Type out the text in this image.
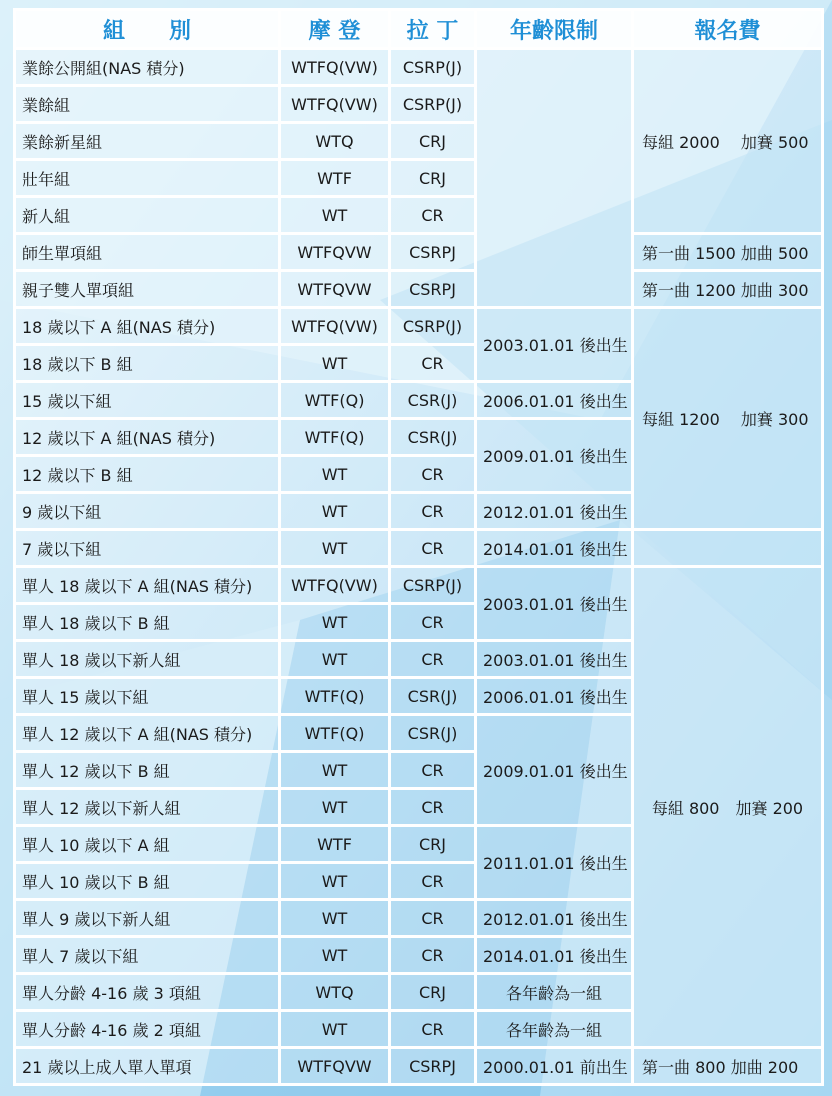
組　　別	摩 登	拉 丁	年齡限制	報名費
業餘公開組(NAS 積分)	WTFQ(VW)	CSRP(J)		每組 2000　 加賽 500
業餘組	WTFQ(VW)	CSRP(J)		
業餘新星組	WTQ	CRJ		
壯年組	WTF	CRJ		
新人組	WT	CR		
師生單項組	WTFQVW	CSRPJ		第一曲 1500 加曲 500
親子雙人單項組	WTFQVW	CSRPJ		第一曲 1200 加曲 300
18 歲以下 A 組(NAS 積分)	WTFQ(VW)	CSRP(J)	2003.01.01 後出生	每組 1200　 加賽 300
18 歲以下 B 組	WT	CR		
15 歲以下組	WTF(Q)	CSR(J)	2006.01.01 後出生	
12 歲以下 A 組(NAS 積分)	WTF(Q)	CSR(J)	2009.01.01 後出生	
12 歲以下 B 組	WT	CR		
9 歲以下組	WT	CR	2012.01.01 後出生	
7 歲以下組	WT	CR	2014.01.01 後出生	
單人 18 歲以下 A 組(NAS 積分)	WTFQ(VW)	CSRP(J)	2003.01.01 後出生	每組 800　加賽 200
單人 18 歲以下 B 組	WT	CR		
單人 18 歲以下新人組	WT	CR	2003.01.01 後出生	
單人 15 歲以下組	WTF(Q)	CSR(J)	2006.01.01 後出生	
單人 12 歲以下 A 組(NAS 積分)	WTF(Q)	CSR(J)	2009.01.01 後出生	
單人 12 歲以下 B 組	WT	CR		
單人 12 歲以下新人組	WT	CR		
單人 10 歲以下 A 組	WTF	CRJ	2011.01.01 後出生	
單人 10 歲以下 B 組	WT	CR		
單人 9 歲以下新人組	WT	CR	2012.01.01 後出生	
單人 7 歲以下組	WT	CR	2014.01.01 後出生	
單人分齡 4-16 歲 3 項組	WTQ	CRJ	各年齡為一組	
單人分齡 4-16 歲 2 項組	WT	CR	各年齡為一組	
21 歲以上成人單人單項	WTFQVW	CSRPJ	2000.01.01 前出生	第一曲 800 加曲 200
